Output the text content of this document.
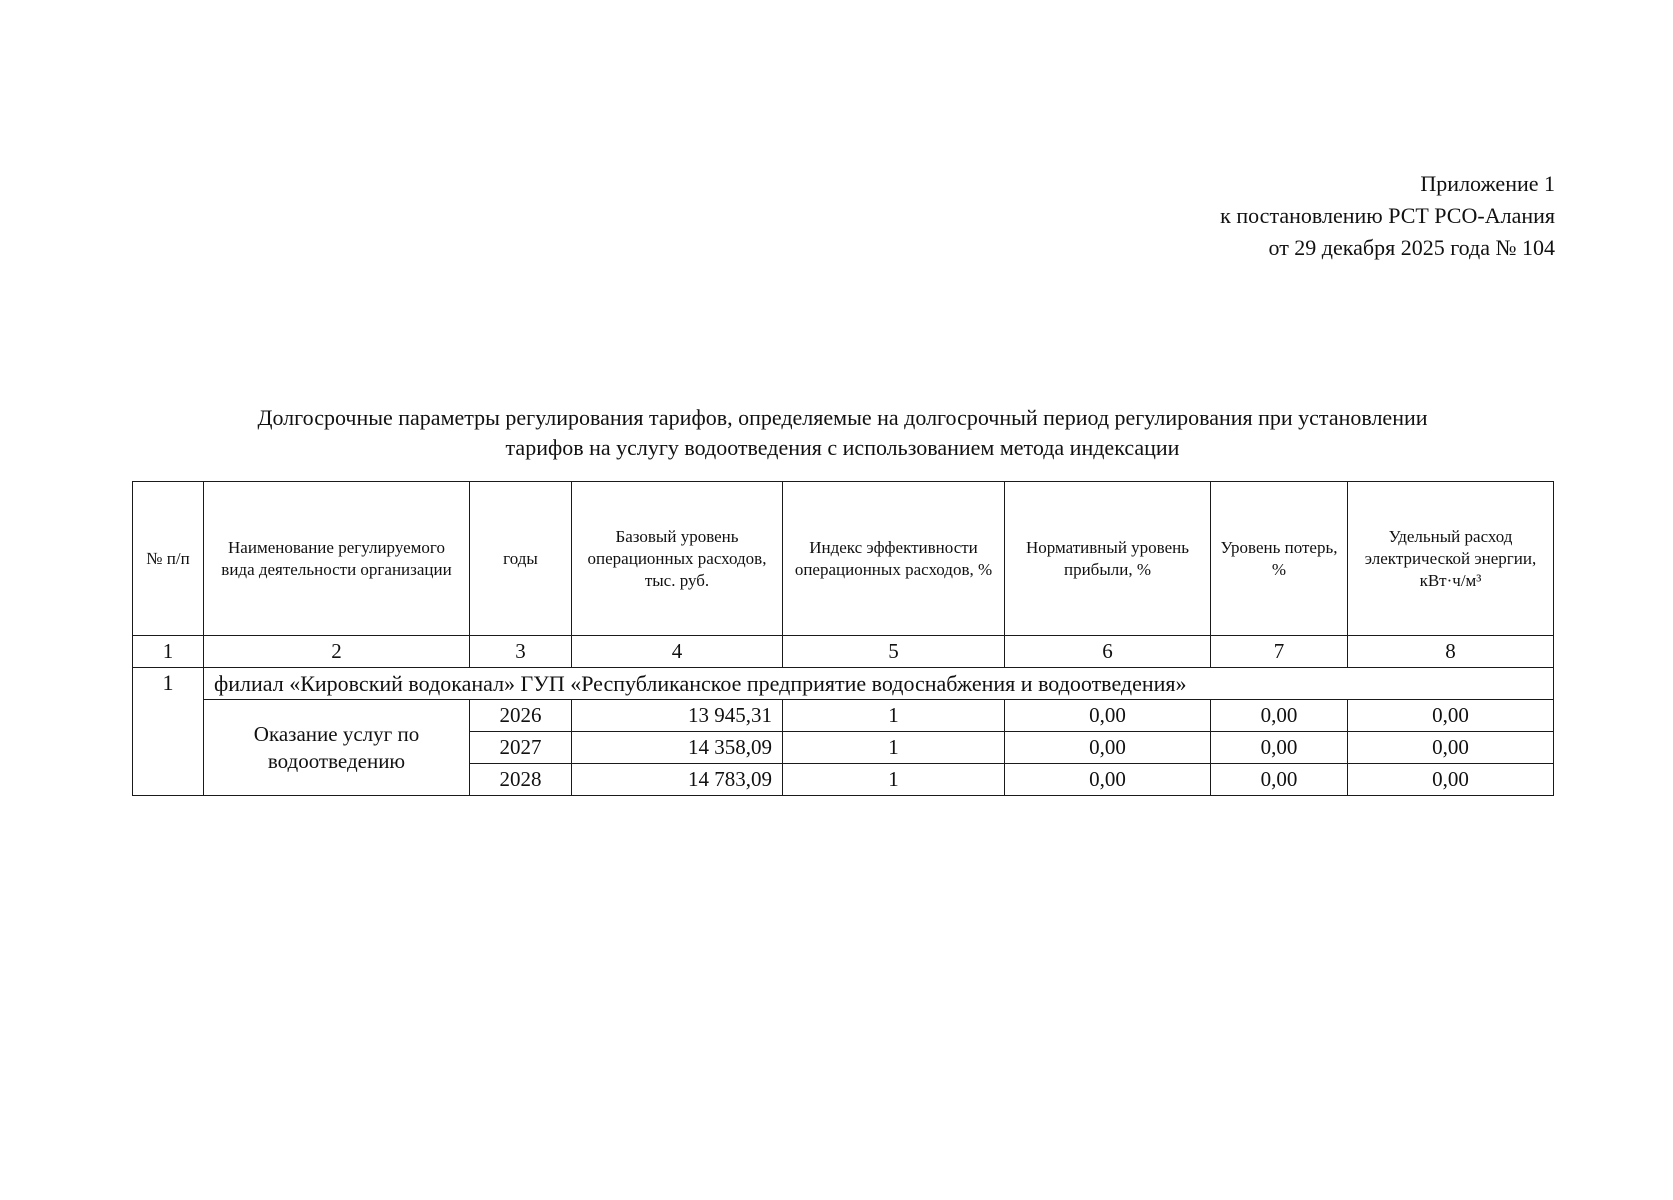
Приложение 1
к постановлению РСТ РСО-Алания
от 29 декабря 2025 года № 104
Долгосрочные параметры регулирования тарифов, определяемые на долгосрочный период регулирования при установлении
тарифов на услугу водоотведения с использованием метода индексации
№ п/п	Наименование регулируемого вида деятельности организации	годы	Базовый уровень операционных расходов, тыс. руб.	Индекс эффективности операционных расходов, %	Нормативный уровень прибыли, %	Уровень потерь, %	Удельный расход электрической энергии, кВт·ч/м³
1	2	3	4	5	6	7	8
1	филиал «Кировский водоканал» ГУП «Республиканское предприятие водоснабжения и водоотведения»						
	Оказание услуг по водоотведению	2026	13 945,31	1	0,00	0,00	0,00
		2027	14 358,09	1	0,00	0,00	0,00
		2028	14 783,09	1	0,00	0,00	0,00
